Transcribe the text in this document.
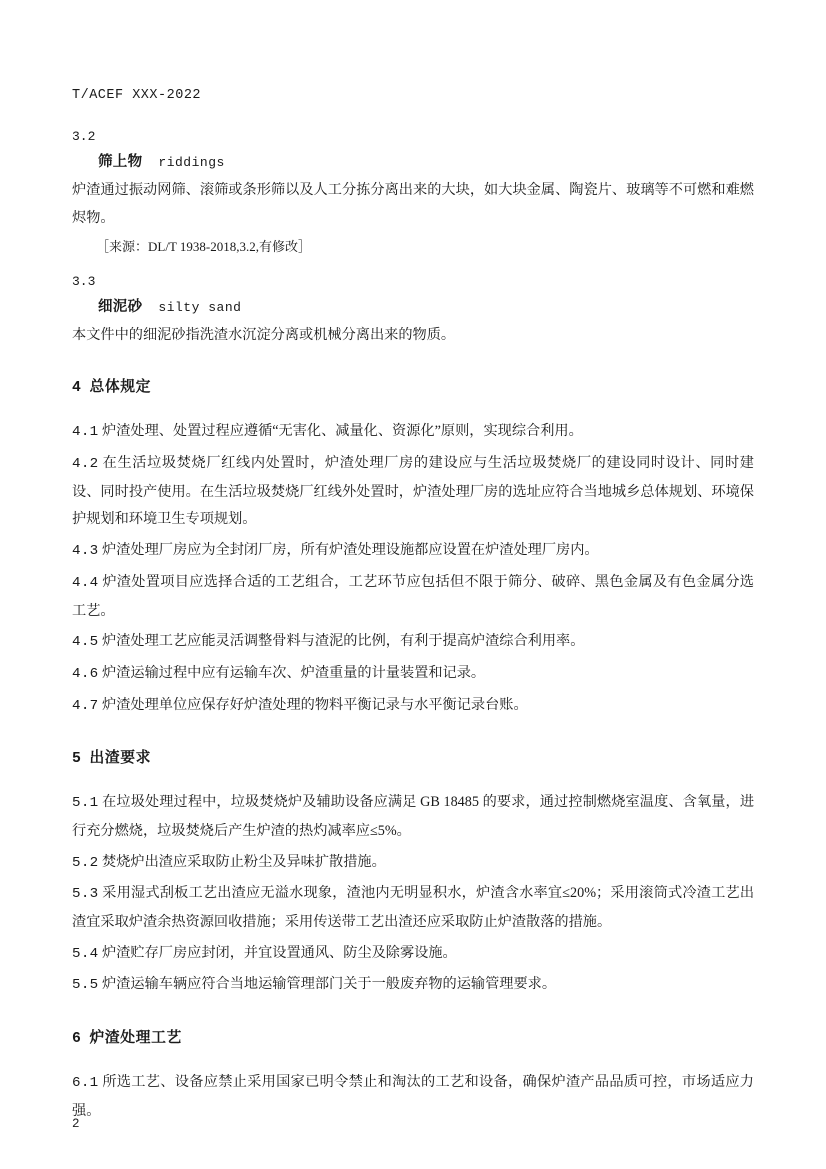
T/ACEF XXX-2022
3.2
筛上物 riddings

炉渣通过振动网筛、滚筛或条形筛以及人工分拣分离出来的大块，如大块金属、陶瓷片、玻璃等不可燃和难燃烬物。

［来源：DL/T 1938-2018,3.2,有修改］

3.3
细泥砂 silty sand

本文件中的细泥砂指洗渣水沉淀分离或机械分离出来的物质。

4 总体规定

4.1 炉渣处理、处置过程应遵循“无害化、减量化、资源化”原则，实现综合利用。

4.2 在生活垃圾焚烧厂红线内处置时，炉渣处理厂房的建设应与生活垃圾焚烧厂的建设同时设计、同时建设、同时投产使用。在生活垃圾焚烧厂红线外处置时，炉渣处理厂房的选址应符合当地城乡总体规划、环境保护规划和环境卫生专项规划。

4.3 炉渣处理厂房应为全封闭厂房，所有炉渣处理设施都应设置在炉渣处理厂房内。

4.4 炉渣处置项目应选择合适的工艺组合，工艺环节应包括但不限于筛分、破碎、黑色金属及有色金属分选工艺。

4.5 炉渣处理工艺应能灵活调整骨料与渣泥的比例，有利于提高炉渣综合利用率。

4.6 炉渣运输过程中应有运输车次、炉渣重量的计量装置和记录。

4.7 炉渣处理单位应保存好炉渣处理的物料平衡记录与水平衡记录台账。

5 出渣要求

5.1 在垃圾处理过程中，垃圾焚烧炉及辅助设备应满足 GB 18485 的要求，通过控制燃烧室温度、含氧量，进行充分燃烧，垃圾焚烧后产生炉渣的热灼减率应≤5%。

5.2 焚烧炉出渣应采取防止粉尘及异味扩散措施。

5.3 采用湿式刮板工艺出渣应无溢水现象，渣池内无明显积水，炉渣含水率宜≤20%；采用滚筒式冷渣工艺出渣宜采取炉渣余热资源回收措施；采用传送带工艺出渣还应采取防止炉渣散落的措施。

5.4 炉渣贮存厂房应封闭，并宜设置通风、防尘及除雾设施。

5.5 炉渣运输车辆应符合当地运输管理部门关于一般废弃物的运输管理要求。

6 炉渣处理工艺

6.1 所选工艺、设备应禁止采用国家已明令禁止和淘汰的工艺和设备，确保炉渣产品品质可控，市场适应力强。

2
